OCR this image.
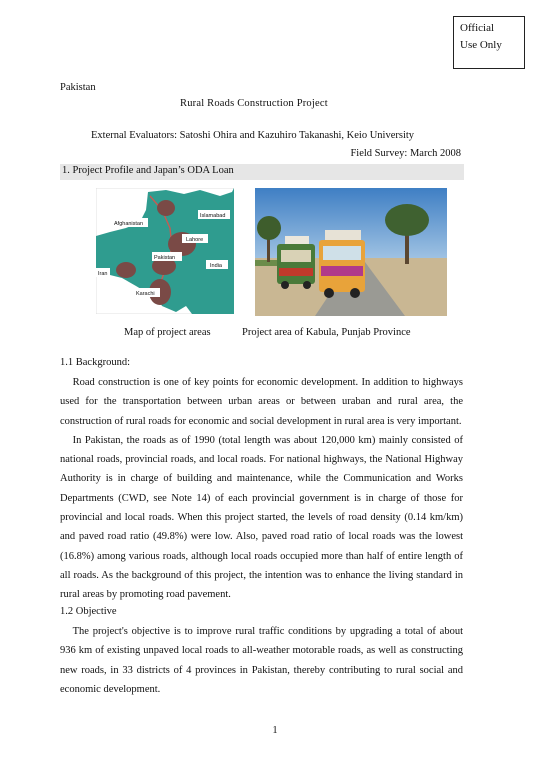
Official
Use Only
Pakistan
Rural Roads Construction Project
External Evaluators: Satoshi Ohira and Kazuhiro Takanashi, Keio University
Field Survey: March 2008
1. Project Profile and Japan’s ODA Loan
Islamabad
Afghanistan
Lahore
Pakistan
India
Iran
Karachi
Map of project areas	Project area of Kabula, Punjab Province
1.1 Background:

Road construction is one of key points for economic development. In addition to highways used for the transportation between urban areas or between uraban and rural area, the construction of rural roads for economic and social development in rural area is very important.

In Pakistan, the roads as of 1990 (total length was about 120,000 km) mainly consisted of national roads, provincial roads, and local roads. For national highways, the National Highway Authority is in charge of building and maintenance, while the Communication and Works Departments (CWD, see Note 14) of each provincial government is in charge of those for provincial and local roads. When this project started, the levels of road density (0.14 km/km) and paved road ratio (49.8%) were low. Also, paved road ratio of local roads was the lowest (16.8%) among various roads, although local roads occupied more than half of entire length of all roads. As the background of this project, the intention was to enhance the living standard in rural areas by promoting road pavement.

1.2 Objective

The project's objective is to improve rural traffic conditions by upgrading a total of about 936 km of existing unpaved local roads to all-weather motorable roads, as well as constructing new roads, in 33 districts of 4 provinces in Pakistan, thereby contributing to rural social and economic development.

1
